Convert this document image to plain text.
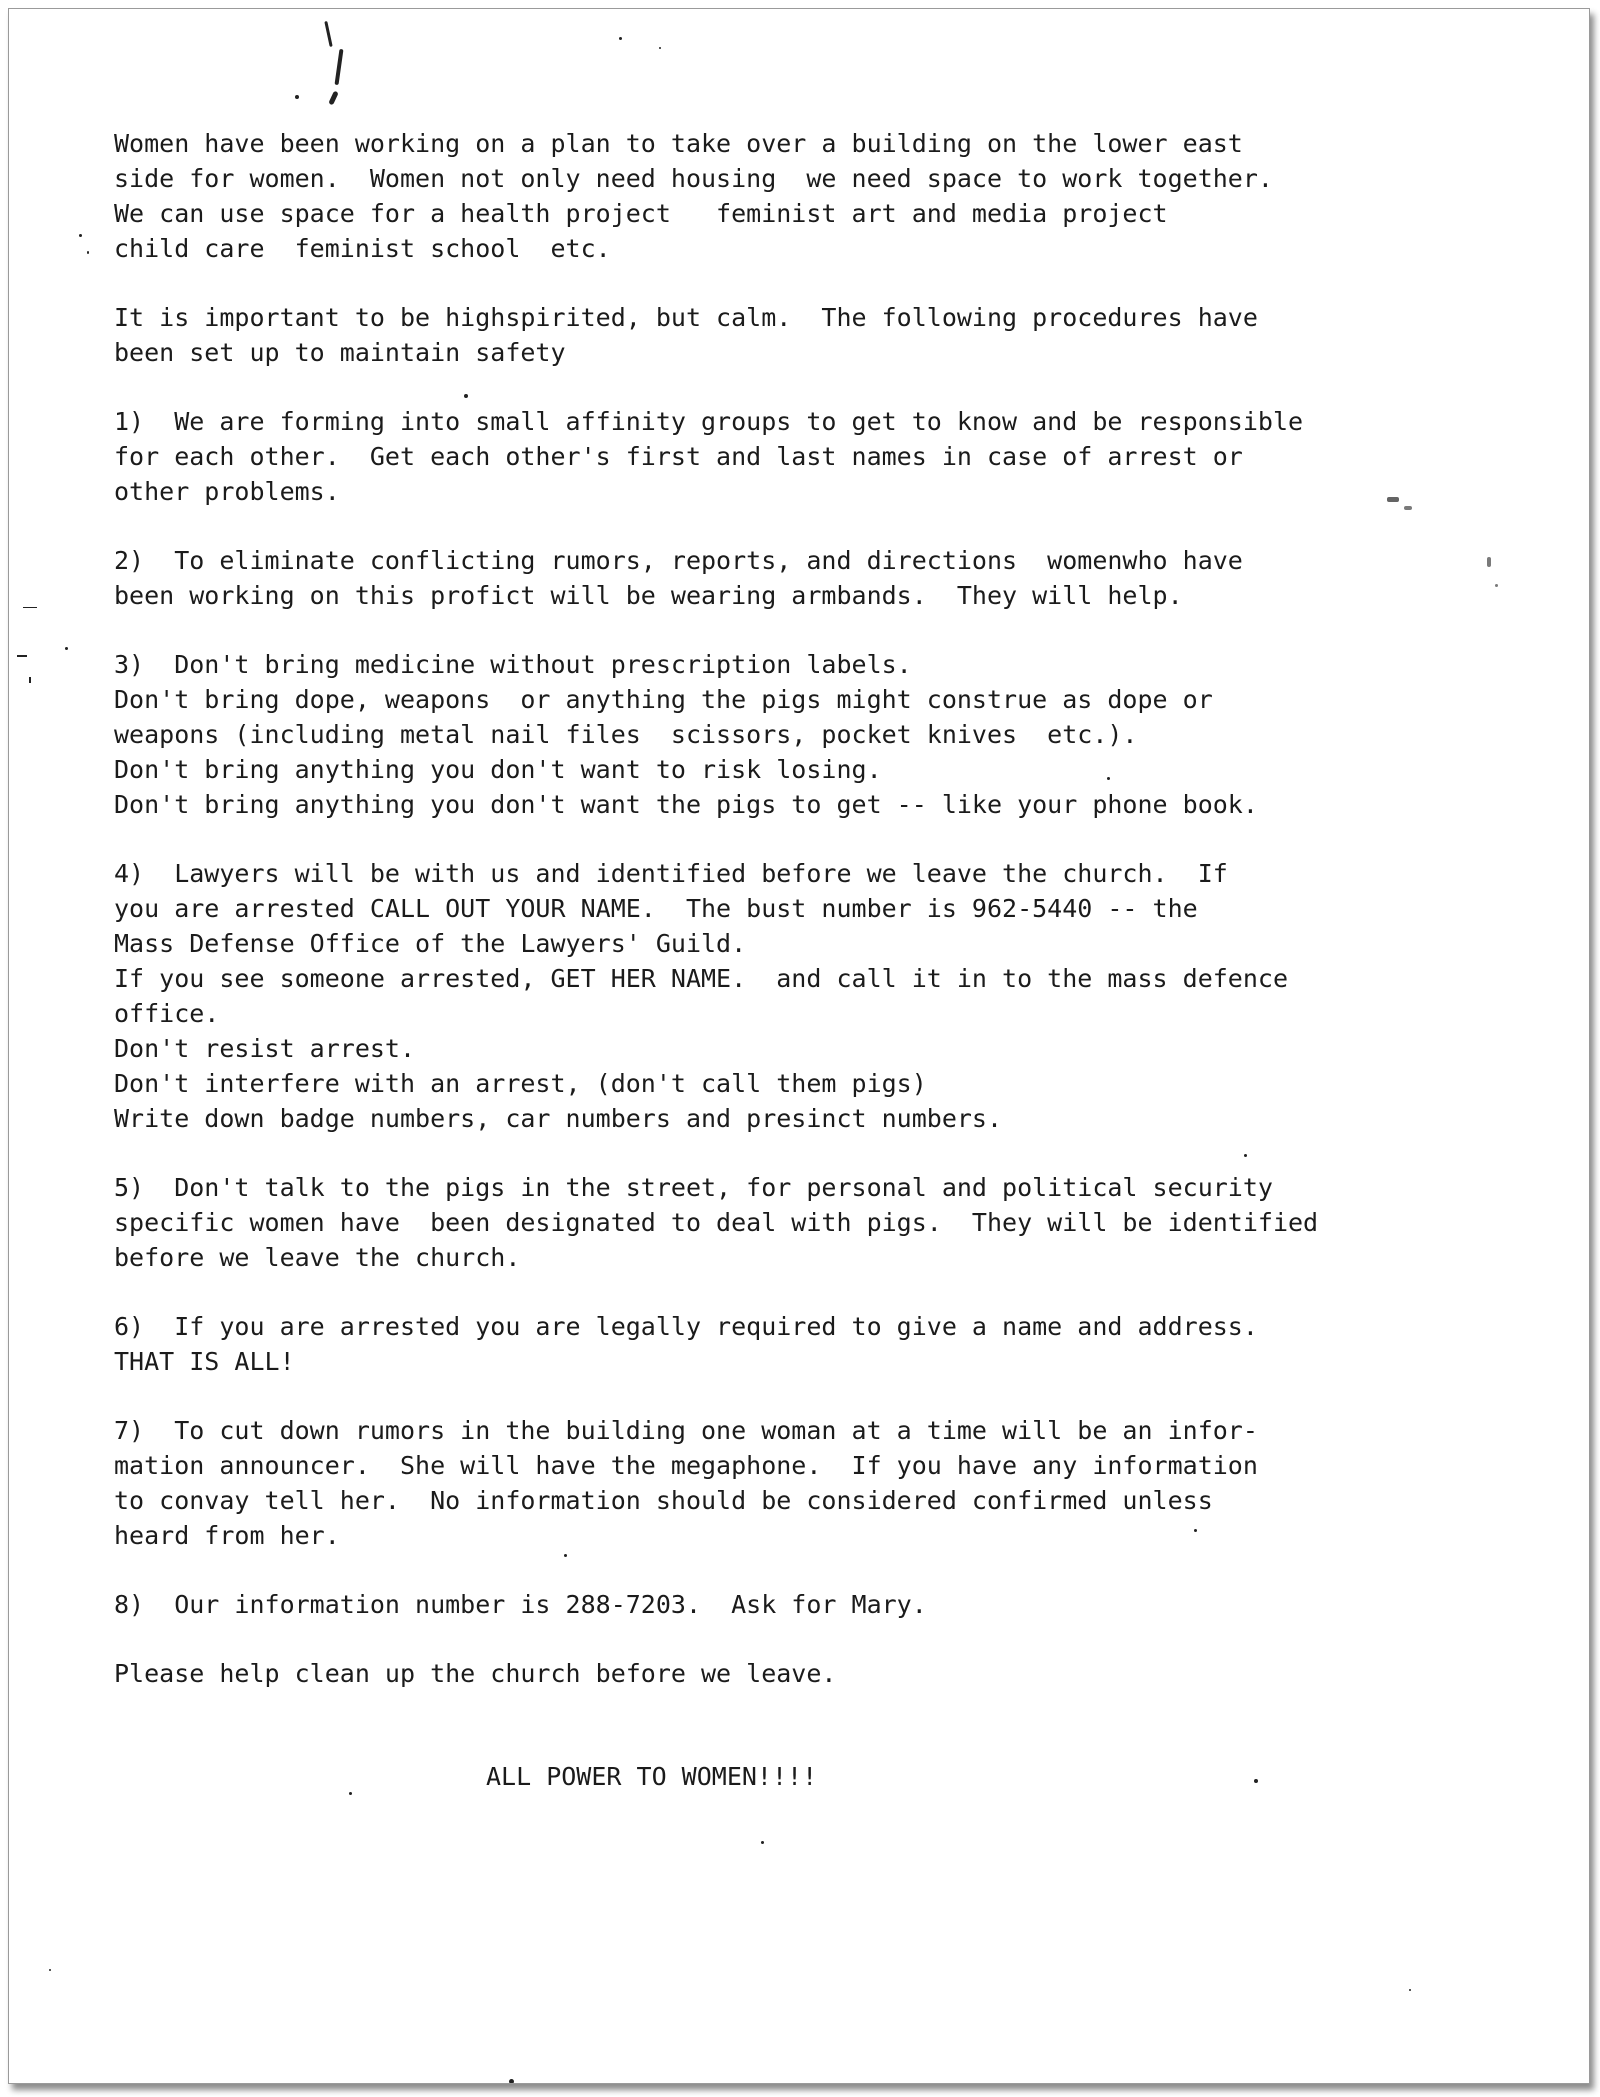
Women have been working on a plan to take over a building on the lower east

side for women.  Women not only need housing  we need space to work together.

We can use space for a health project   feminist art and media project

child care  feminist school  etc.

It is important to be highspirited, but calm.  The following procedures have

been set up to maintain safety

1)  We are forming into small affinity groups to get to know and be responsible

for each other.  Get each other's first and last names in case of arrest or

other problems.

2)  To eliminate conflicting rumors, reports, and directions  womenwho have

been working on this profict will be wearing armbands.  They will help.

3)  Don't bring medicine without prescription labels.

Don't bring dope, weapons  or anything the pigs might construe as dope or

weapons (including metal nail files  scissors, pocket knives  etc.).

Don't bring anything you don't want to risk losing.

Don't bring anything you don't want the pigs to get -- like your phone book.

4)  Lawyers will be with us and identified before we leave the church.  If

you are arrested CALL OUT YOUR NAME.  The bust number is 962-5440 -- the

Mass Defense Office of the Lawyers' Guild.

If you see someone arrested, GET HER NAME.  and call it in to the mass defence

office.

Don't resist arrest.

Don't interfere with an arrest, (don't call them pigs)

Write down badge numbers, car numbers and presinct numbers.

5)  Don't talk to the pigs in the street, for personal and political security

specific women have  been designated to deal with pigs.  They will be identified

before we leave the church.

6)  If you are arrested you are legally required to give a name and address.

THAT IS ALL!

7)  To cut down rumors in the building one woman at a time will be an infor-

mation announcer.  She will have the megaphone.  If you have any information

to convay tell her.  No information should be considered confirmed unless

heard from her.

8)  Our information number is 288-7203.  Ask for Mary.

Please help clean up the church before we leave.

ALL POWER TO WOMEN!!!!
